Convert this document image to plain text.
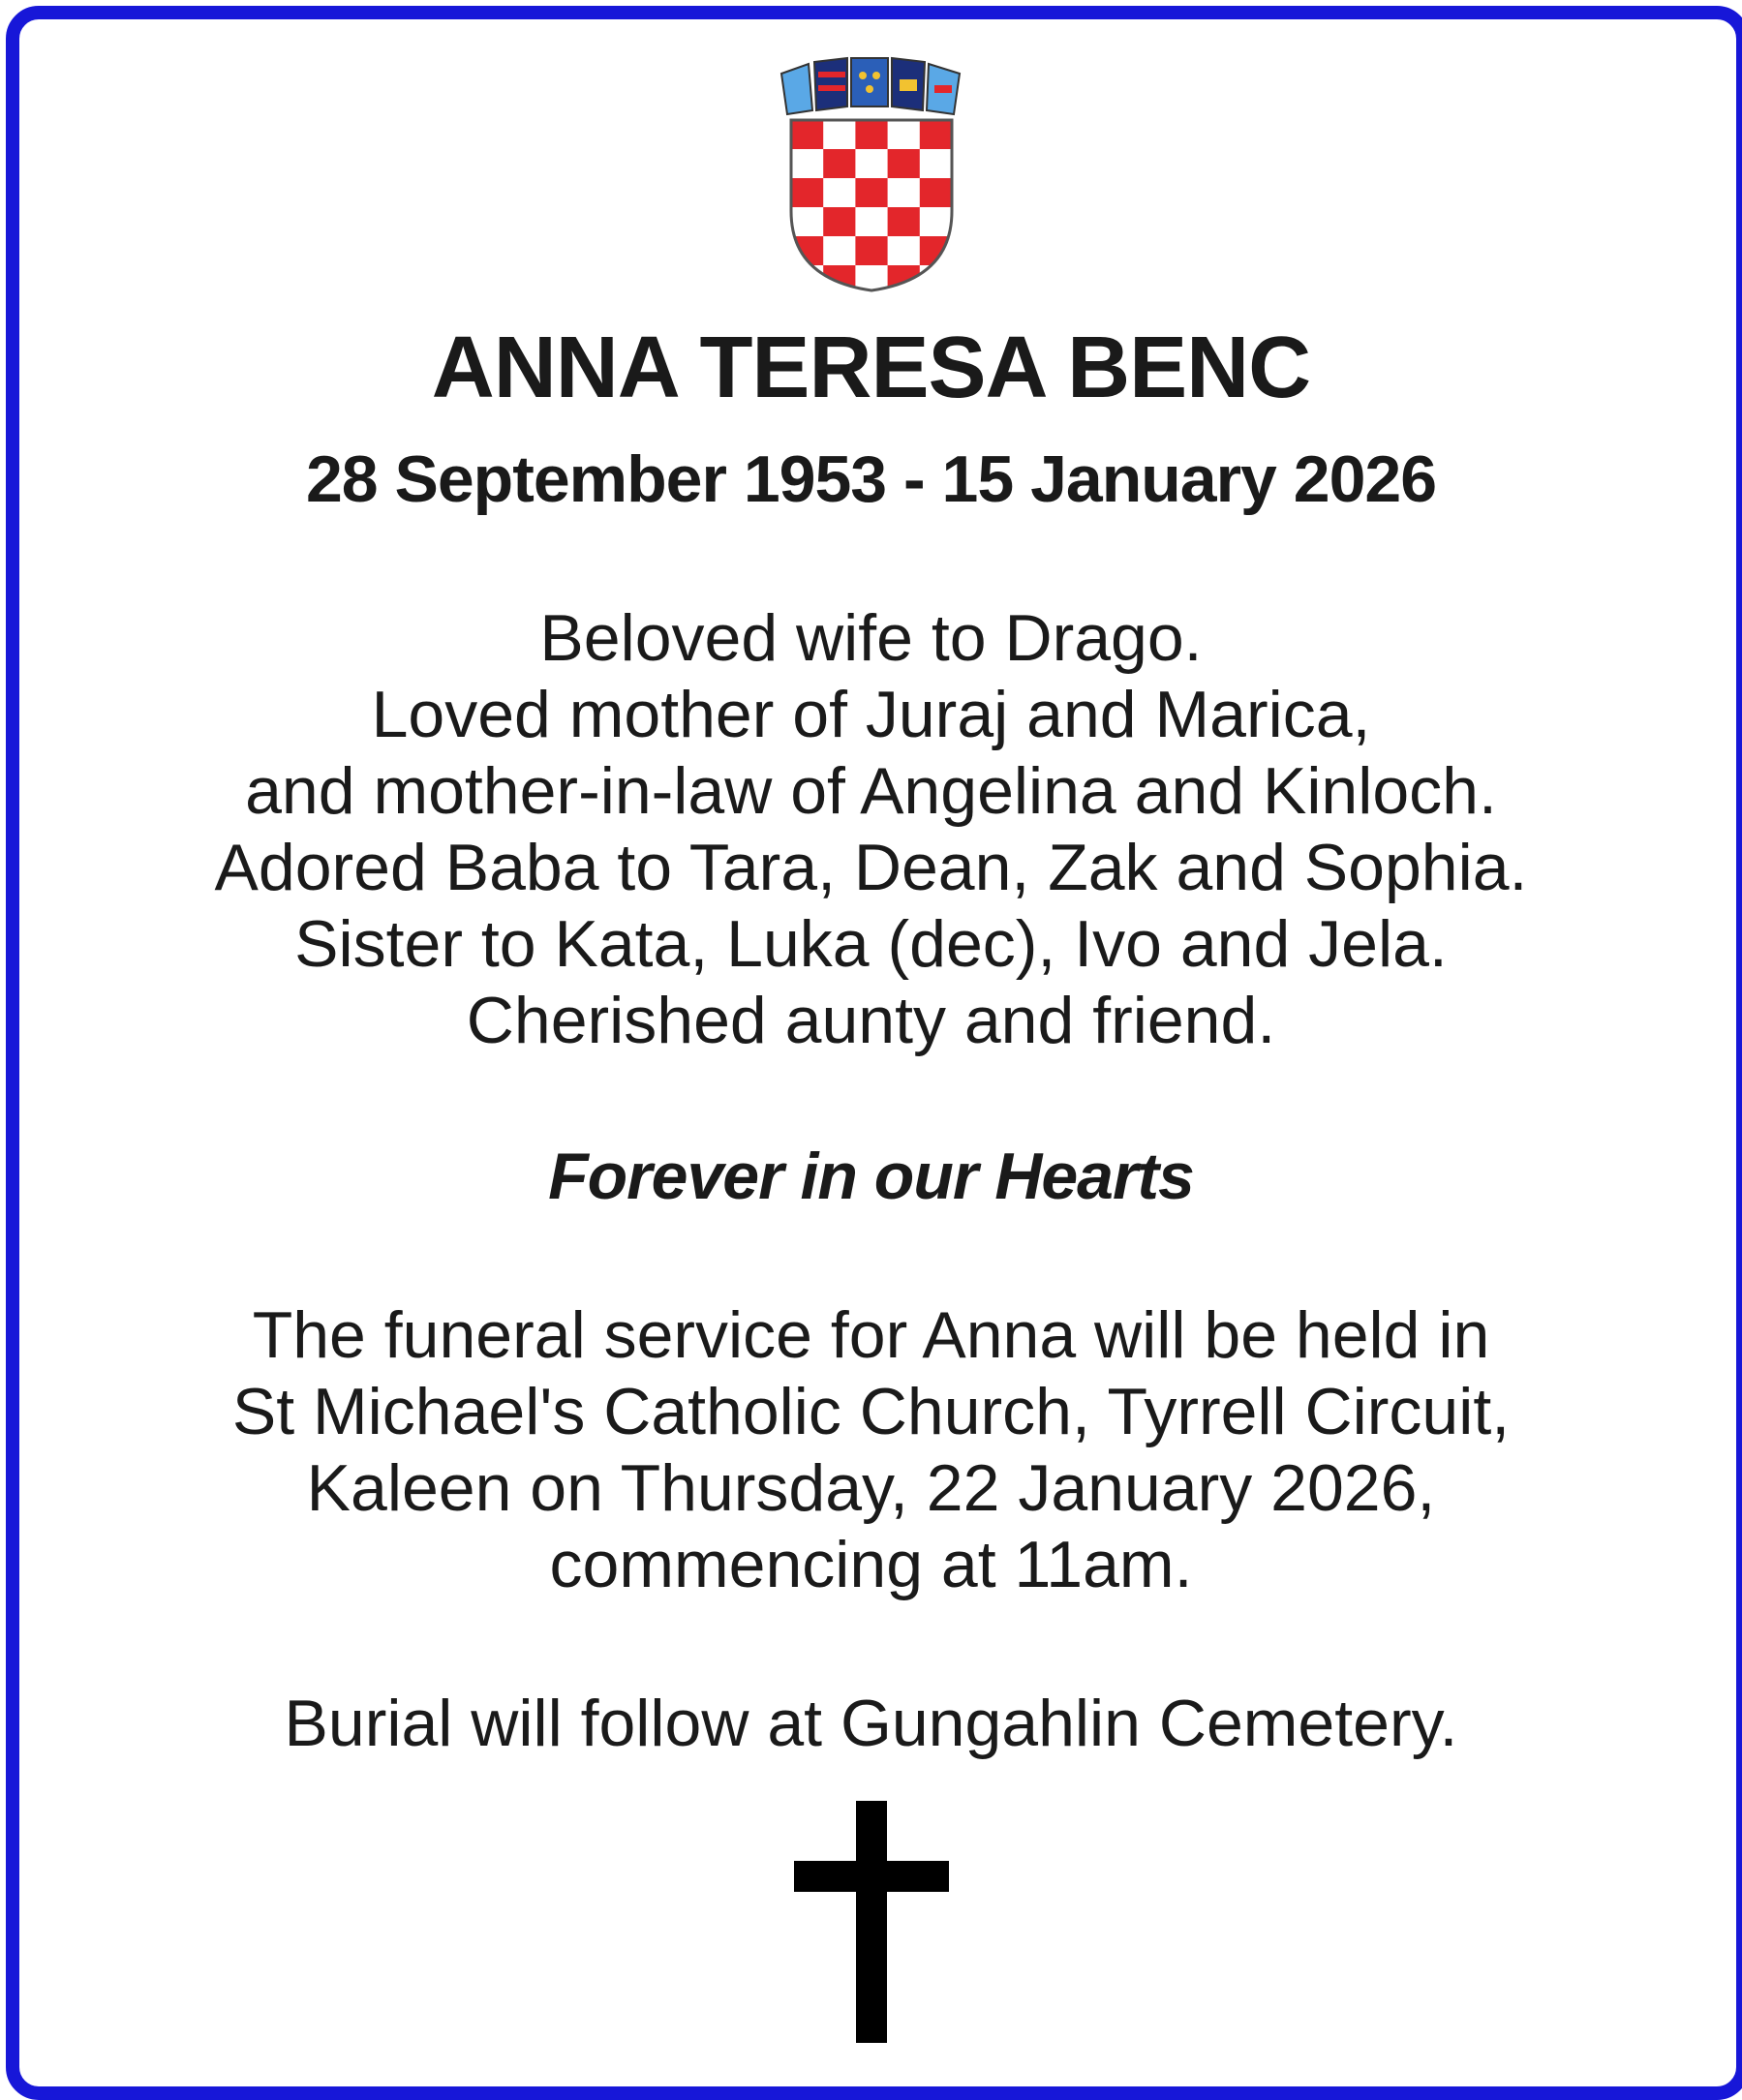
ANNA TERESA BENC
28 September 1953 - 15 January 2026
Beloved wife to Drago.
Loved mother of Juraj and Marica,
and mother-in-law of Angelina and Kinloch.
Adored Baba to Tara, Dean, Zak and Sophia.
Sister to Kata, Luka (dec), Ivo and Jela.
Cherished aunty and friend.
Forever in our Hearts
The funeral service for Anna will be held in
St Michael's Catholic Church, Tyrrell Circuit,
Kaleen on Thursday, 22 January 2026,
commencing at 11am.
Burial will follow at Gungahlin Cemetery.
